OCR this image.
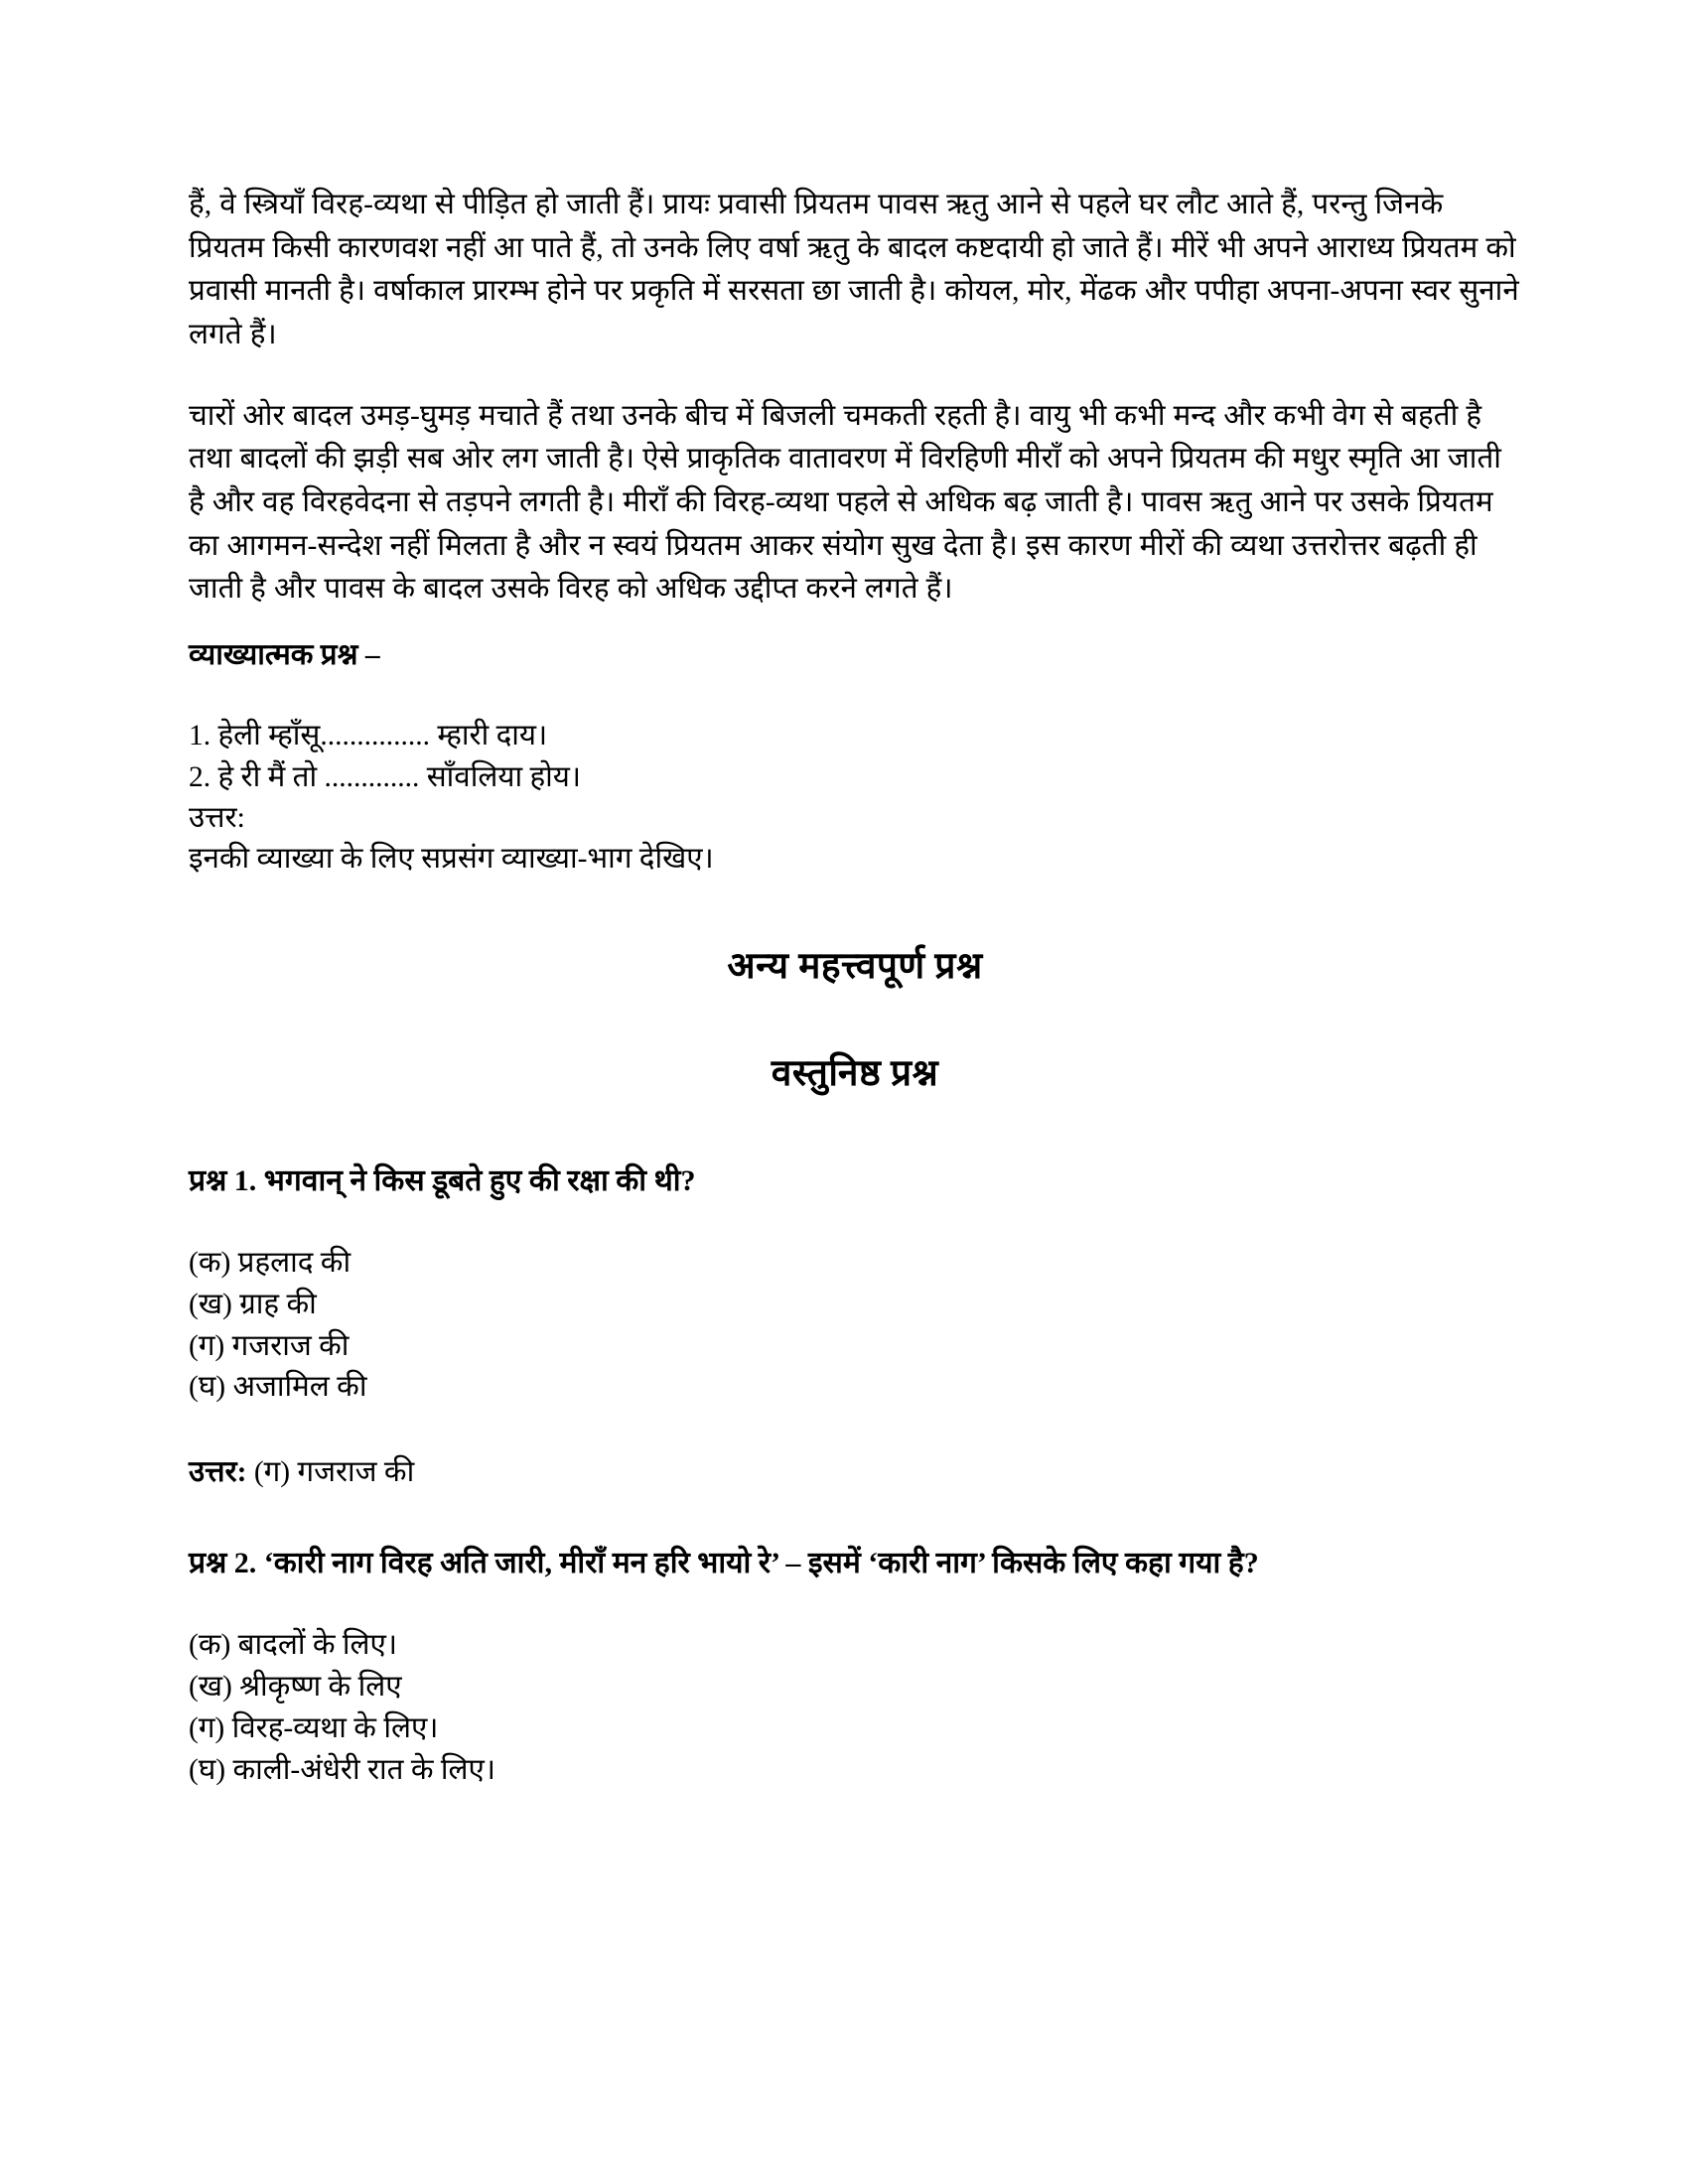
हैं, वे स्त्रियाँ विरह-व्यथा से पीड़ित हो जाती हैं। प्रायः प्रवासी प्रियतम पावस ऋतु आने से पहले घर लौट आते हैं, परन्तु जिनके प्रियतम किसी कारणवश नहीं आ पाते हैं, तो उनके लिए वर्षा ऋतु के बादल कष्टदायी हो जाते हैं। मीरें भी अपने आराध्य प्रियतम को प्रवासी मानती है। वर्षाकाल प्रारम्भ होने पर प्रकृति में सरसता छा जाती है। कोयल, मोर, मेंढक और पपीहा अपना-अपना स्वर सुनाने लगते हैं।
चारों ओर बादल उमड़-घुमड़ मचाते हैं तथा उनके बीच में बिजली चमकती रहती है। वायु भी कभी मन्द और कभी वेग से बहती है तथा बादलों की झड़ी सब ओर लग जाती है। ऐसे प्राकृतिक वातावरण में विरहिणी मीराँ को अपने प्रियतम की मधुर स्मृति आ जाती है और वह विरहवेदना से तड़पने लगती है। मीराँ की विरह-व्यथा पहले से अधिक बढ़ जाती है। पावस ऋतु आने पर उसके प्रियतम का आगमन-सन्देश नहीं मिलता है और न स्वयं प्रियतम आकर संयोग सुख देता है। इस कारण मीरों की व्यथा उत्तरोत्तर बढ़ती ही जाती है और पावस के बादल उसके विरह को अधिक उद्दीप्त करने लगते हैं।
व्याख्यात्मक प्रश्न –
1. हेली म्हाँसू............... म्हारी दाय।
2. हे री मैं तो ............. साँवलिया होय।
उत्तर:
इनकी व्याख्या के लिए सप्रसंग व्याख्या-भाग देखिए।
अन्य महत्त्वपूर्ण प्रश्न
वस्तुनिष्ठ प्रश्न
प्रश्न 1. भगवान् ने किस डूबते हुए की रक्षा की थी?
(क) प्रहलाद की
(ख) ग्राह की
(ग) गजराज की
(घ) अजामिल की
उत्तर: (ग) गजराज की
प्रश्न 2. ‘कारी नाग विरह अति जारी, मीराँ मन हरि भायो रे’ – इसमें ‘कारी नाग’ किसके लिए कहा गया है?
(क) बादलों के लिए।
(ख) श्रीकृष्ण के लिए
(ग) विरह-व्यथा के लिए।
(घ) काली-अंधेरी रात के लिए।
